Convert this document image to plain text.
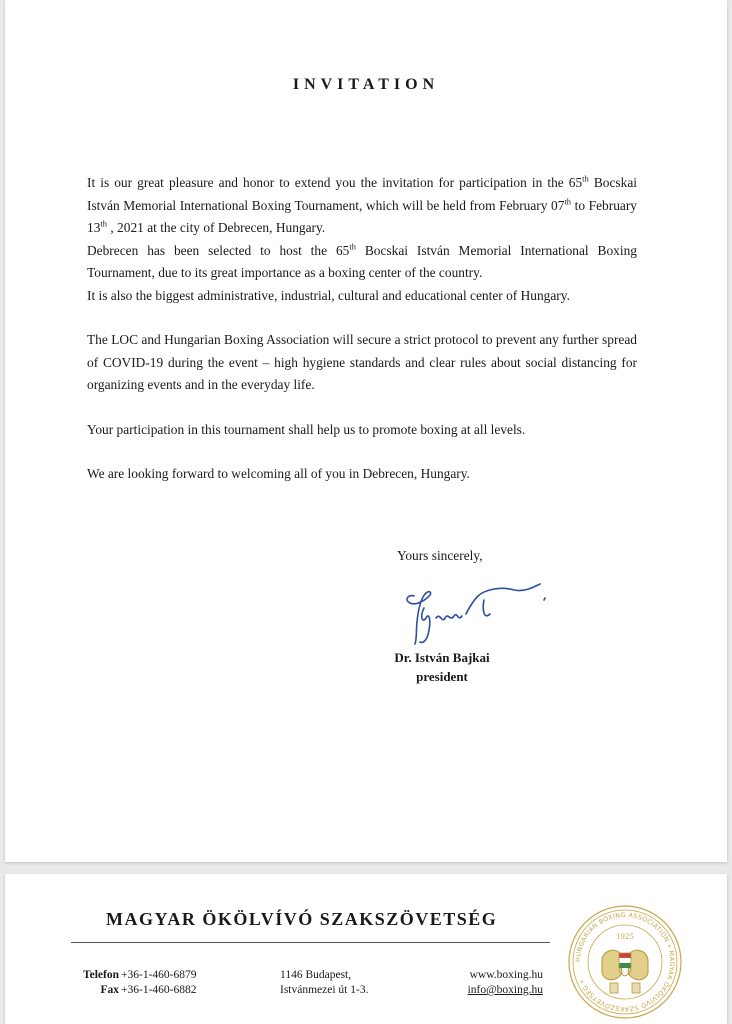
INVITATION

It is our great pleasure and honor to extend you the invitation for participation in the 65th Bocskai István Memorial International Boxing Tournament, which will be held from February 07th to February 13th , 2021 at the city of Debrecen, Hungary.

Debrecen has been selected to host the 65th Bocskai István Memorial International Boxing Tournament, due to its great importance as a boxing center of the country.

It is also the biggest administrative, industrial, cultural and educational center of Hungary.

The LOC and Hungarian Boxing Association will secure a strict protocol to prevent any further spread of COVID-19 during the event – high hygiene standards and clear rules about social distancing for organizing events and in the everyday life.

Your participation in this tournament shall help us to promote boxing at all levels.

We are looking forward to welcoming all of you in Debrecen, Hungary.

Yours sincerely,
Dr. István Bajkai
president
MAGYAR ÖKÖLVÍVÓ SZAKSZÖVETSÉG
Telefon +36-1-460-6879
Fax +36-1-460-6882
1146 Budapest,
Istvánmezei út 1-3.
www.boxing.hu
info@boxing.hu
HUNGARIAN BOXING ASSOCIATION • MAGYAR ÖKÖLVÍVÓ SZAKSZÖVETSÉG •
1925
